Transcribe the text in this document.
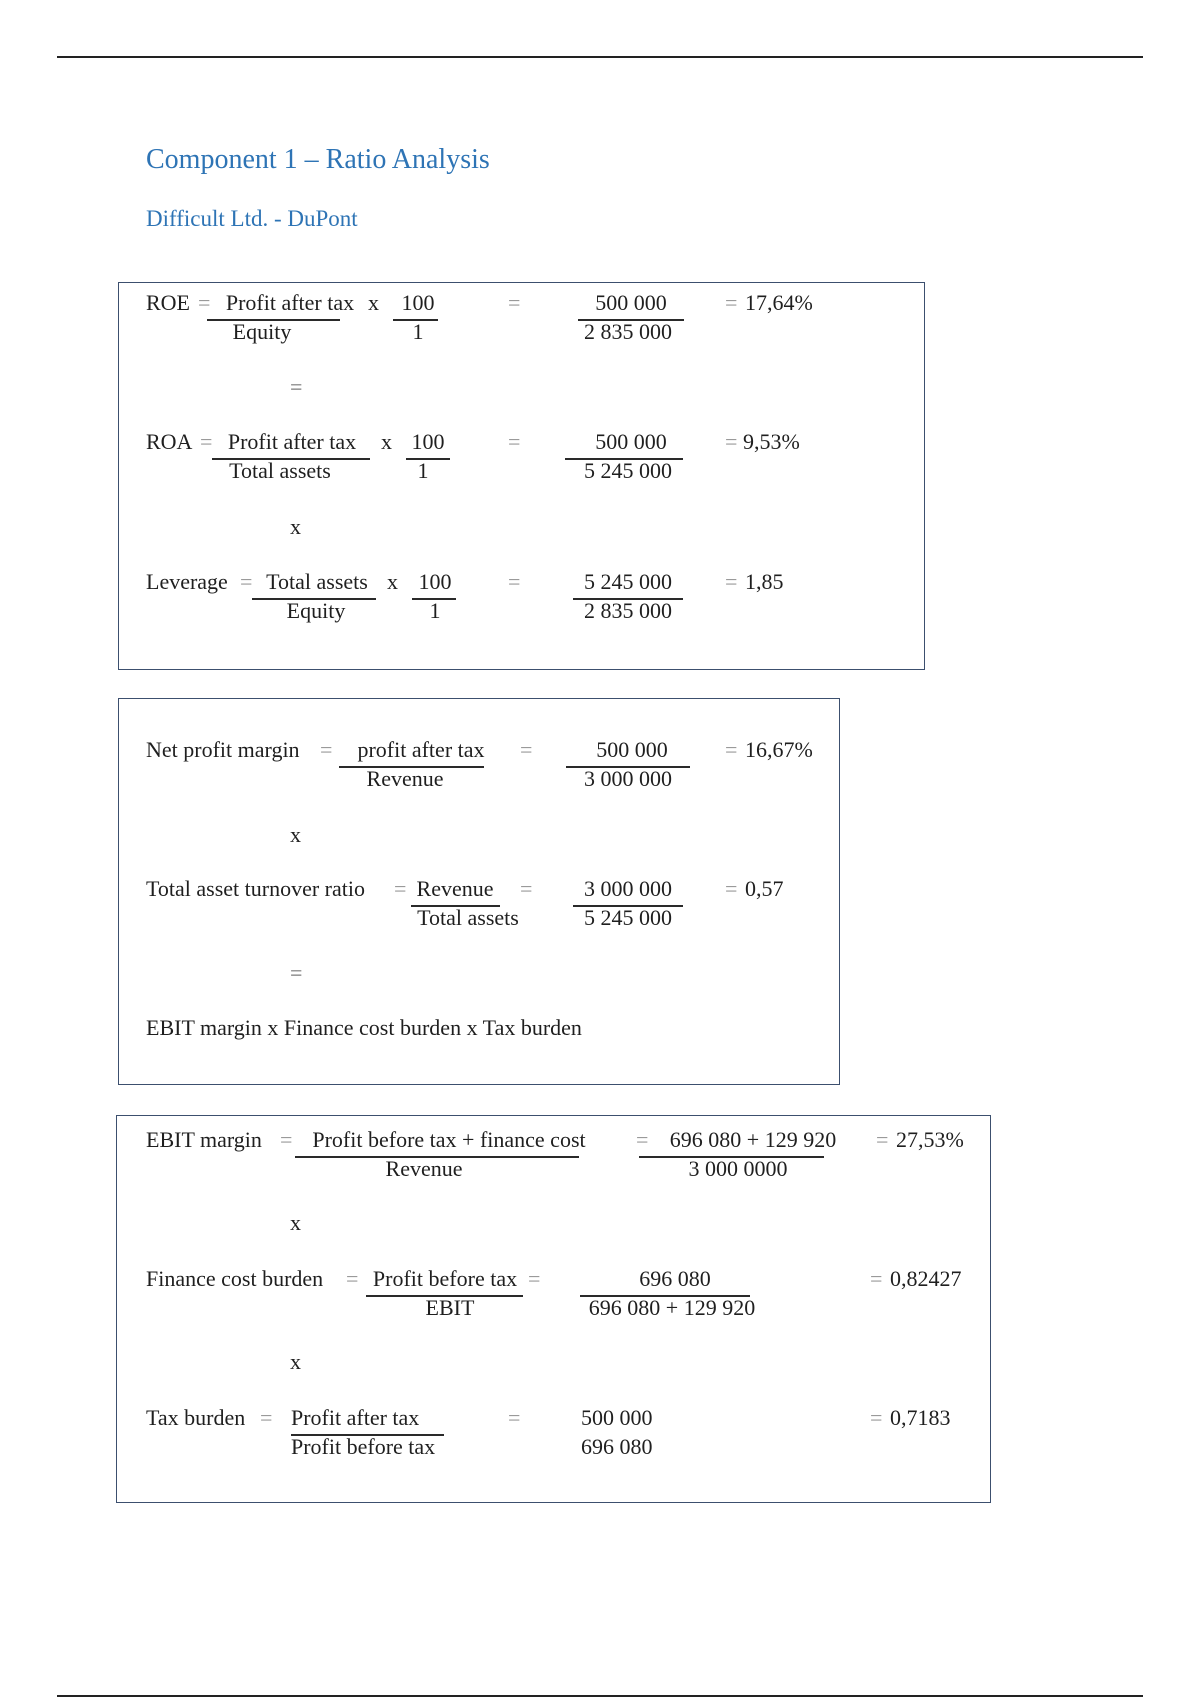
Component 1 – Ratio Analysis
Difficult Ltd. - DuPont
ROE = Profit after tax
Equity
x 100
1
=	500 000
2 835 000
= 17,64%
=
ROA = Profit after tax
Total assets
x 100
1
=	500 000
5 245 000
= 9,53%
x
Leverage = Total assets
Equity
x 100
1
=	5 245 000
2 835 000
= 1,85
Net profit margin = profit after tax
Revenue
=	500 000
3 000 000
= 16,67%
x
Total asset turnover ratio = Revenue
Total assets
= 3 000 000
5 245 000
= 0,57
=
EBIT margin x Finance cost burden x Tax burden
EBIT margin = Profit before tax + finance cost
Revenue
= 696 080 + 129 920
3 000 0000
= 27,53%
x
Finance cost burden = Profit before tax
EBIT
=	696 080
696 080 + 129 920
= 0,82427
x
Tax burden = Profit after tax
Profit before tax
=	500 000
696 080
= 0,7183
